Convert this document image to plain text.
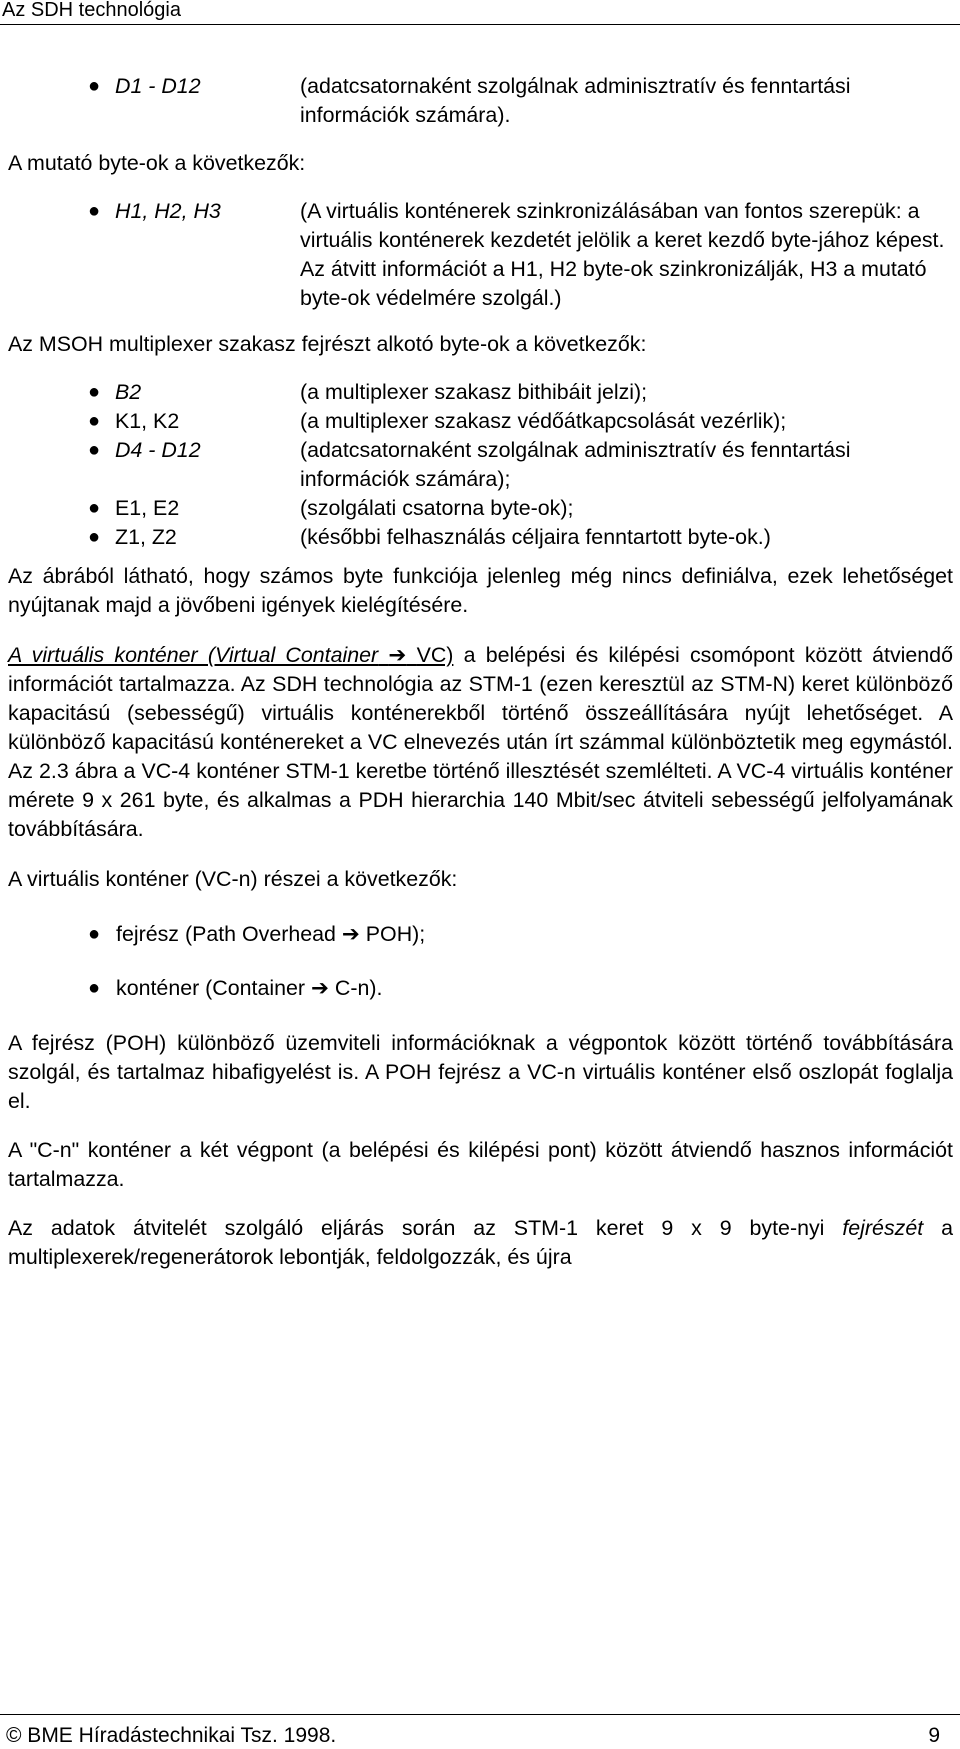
Az SDH technológia
● D1 - D12	(adatcsatornaként szolgálnak adminisztratív és fenntartási információk számára).

A mutató byte-ok a következők:

● H1, H2, H3	(A virtuális konténerek szinkronizálásában van fontos szerepük: a virtuális konténerek kezdetét jelölik a keret kezdő byte-jához képest. Az átvitt információt a H1, H2 byte-ok szinkronizálják, H3 a mutató byte-ok védelmére szolgál.)

Az MSOH multiplexer szakasz fejrészt alkotó byte-ok a következők:

● B2	(a multiplexer szakasz bithibáit jelzi);
● K1, K2	(a multiplexer szakasz védőátkapcsolását vezérlik);
● D4 - D12	(adatcsatornaként szolgálnak adminisztratív és fenntartási információk számára);
● E1, E2	(szolgálati csatorna byte-ok);
● Z1, Z2	(későbbi felhasználás céljaira fenntartott byte-ok.)

Az ábrából látható, hogy számos byte funkciója jelenleg még nincs definiálva, ezek lehetőséget nyújtanak majd a jövőbeni igények kielégítésére.

A virtuális konténer (Virtual Container ➔ VC) a belépési és kilépési csomópont között átviendő információt tartalmazza. Az SDH technológia az STM-1 (ezen keresztül az STM-N) keret különböző kapacitású (sebességű) virtuális konténerekből történő összeállítására nyújt lehetőséget. A különböző kapacitású konténereket a VC elnevezés után írt számmal különböztetik meg egymástól. Az 2.3 ábra a VC-4 konténer STM-1 keretbe történő illesztését szemlélteti. A VC-4 virtuális konténer mérete 9 x 261 byte, és alkalmas a PDH hierarchia 140 Mbit/sec átviteli sebességű jelfolyamának továbbítására.

A virtuális konténer (VC-n) részei a következők:

● fejrész (Path Overhead ➔ POH);
● konténer (Container ➔ C-n).

A fejrész (POH) különböző üzemviteli információknak a végpontok között történő továbbítására szolgál, és tartalmaz hibafigyelést is. A POH fejrész a VC-n virtuális konténer első oszlopát foglalja el.

A "C-n" konténer a két végpont (a belépési és kilépési pont) között átviendő hasznos információt tartalmazza.

Az adatok átvitelét szolgáló eljárás során az STM-1 keret 9 x 9 byte-nyi fejrészét a multiplexerek/regenerátorok lebontják, feldolgozzák, és újra

© BME Híradástechnikai Tsz. 1998.	9
